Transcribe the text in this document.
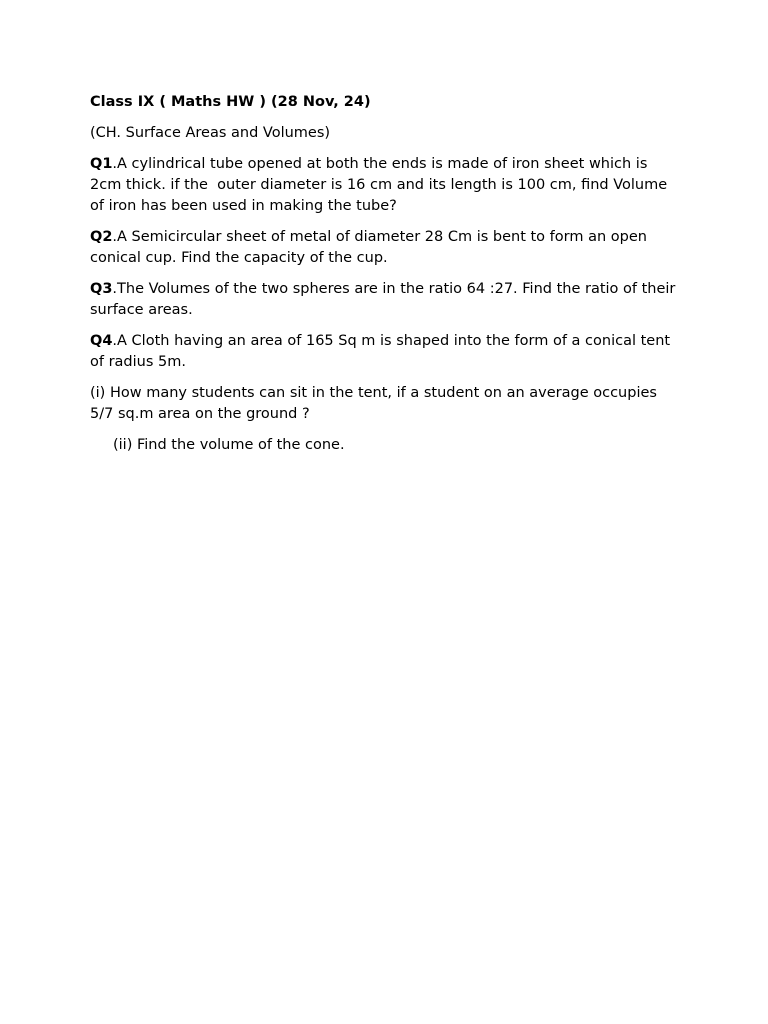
Class IX ( Maths HW ) (28 Nov, 24)

(CH. Surface Areas and Volumes)

Q1.A cylindrical tube opened at both the ends is made of iron sheet which is 2cm thick. if the  outer diameter is 16 cm and its length is 100 cm, find Volume of iron has been used in making the tube?

Q2.A Semicircular sheet of metal of diameter 28 Cm is bent to form an open conical cup. Find the capacity of the cup.

Q3.The Volumes of the two spheres are in the ratio 64 :27. Find the ratio of their surface areas.

Q4.A Cloth having an area of 165 Sq m is shaped into the form of a conical tent of radius 5m.

(i) How many students can sit in the tent, if a student on an average occupies 5/7 sq.m area on the ground ?

(ii) Find the volume of the cone.
